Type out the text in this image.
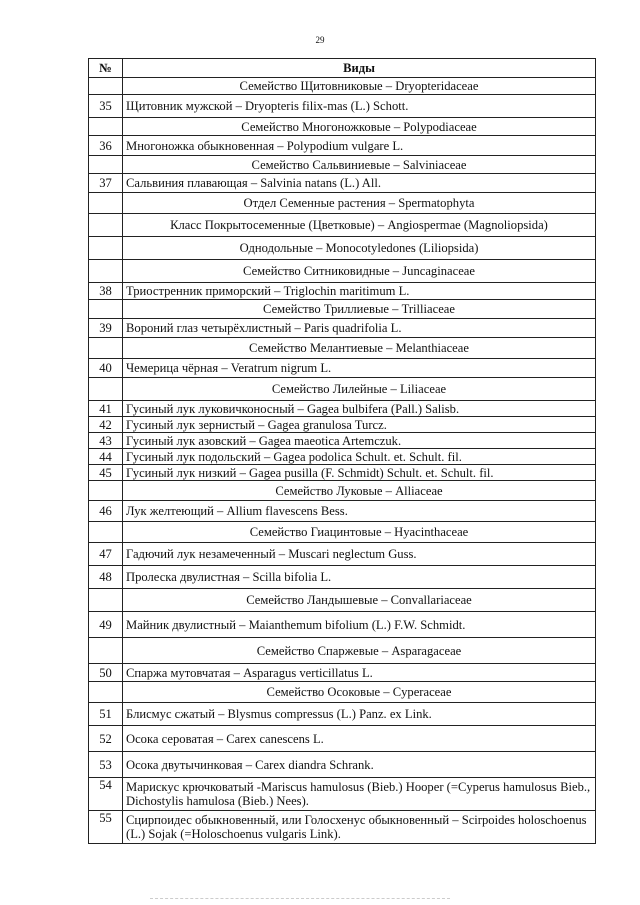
29
№	Виды
	Семейство Щитовниковые – Dryopteridaceae
35	Щитовник мужской – Dryopteris filix-mas (L.) Schott.
	Семейство Многоножковые – Polypodiaceae
36	Многоножка обыкновенная – Polypodium vulgare L.
	Семейство Сальвиниевые – Salviniaceae
37	Сальвиния плавающая – Salvinia natans (L.) All.
	Отдел Семенные растения – Spermatophyta
	Класс Покрытосеменные (Цветковые) – Angiospermae (Magnoliopsida)
	Однодольные – Monocotyledones (Liliopsida)
	Семейство Ситниковидные – Juncaginaceae
38	Триостренник приморский – Triglochin maritimum L.
	Семейство Триллиевые – Trilliaceae
39	Вороний глаз четырёхлистный – Paris quadrifolia L.
	Семейство Мелантиевые – Melanthiaceae
40	Чемерица чёрная – Veratrum nigrum L.
	Семейство Лилейные – Liliaceae
41	Гусиный лук луковичконосный – Gagea bulbifera (Pall.) Salisb.
42	Гусиный лук зернистый – Gagea granulosa Turcz.
43	Гусиный лук азовский – Gagea maeotica Artemczuk.
44	Гусиный лук подольский – Gagea podolica Schult. et. Schult. fil.
45	Гусиный лук низкий – Gagea pusilla (F. Schmidt) Schult. et. Schult. fil.
	Семейство Луковые – Alliaceae
46	Лук желтеющий – Allium flavescens Bess.
	Семейство Гиацинтовые – Hyacinthaceae
47	Гадючий лук незамеченный – Muscari neglectum Guss.
48	Пролеска двулистная – Scilla bifolia L.
	Семейство Ландышевые – Convallariaceae
49	Майник двулистный – Maianthemum bifolium (L.) F.W. Schmidt.
	Семейство Спаржевые – Asparagaceae
50	Спаржа мутовчатая – Asparagus verticillatus L.
	Семейство Осоковые – Cyperaceae
51	Блисмус сжатый – Blysmus compressus (L.) Panz. ex Link.
52	Осока сероватая – Carex canescens L.
53	Осока двутычинковая – Carex diandra Schrank.
54	Марискус крючковатый -Mariscus hamulosus (Bieb.) Hooper (=Cyperus hamulosus Bieb., Dichostylis hamulosa (Bieb.) Nees).
55	Сцирпоидес обыкновенный, или Голосхенус обыкновенный – Scirpoides holoschoenus (L.) Sojak (=Holoschoenus vulgaris Link).
